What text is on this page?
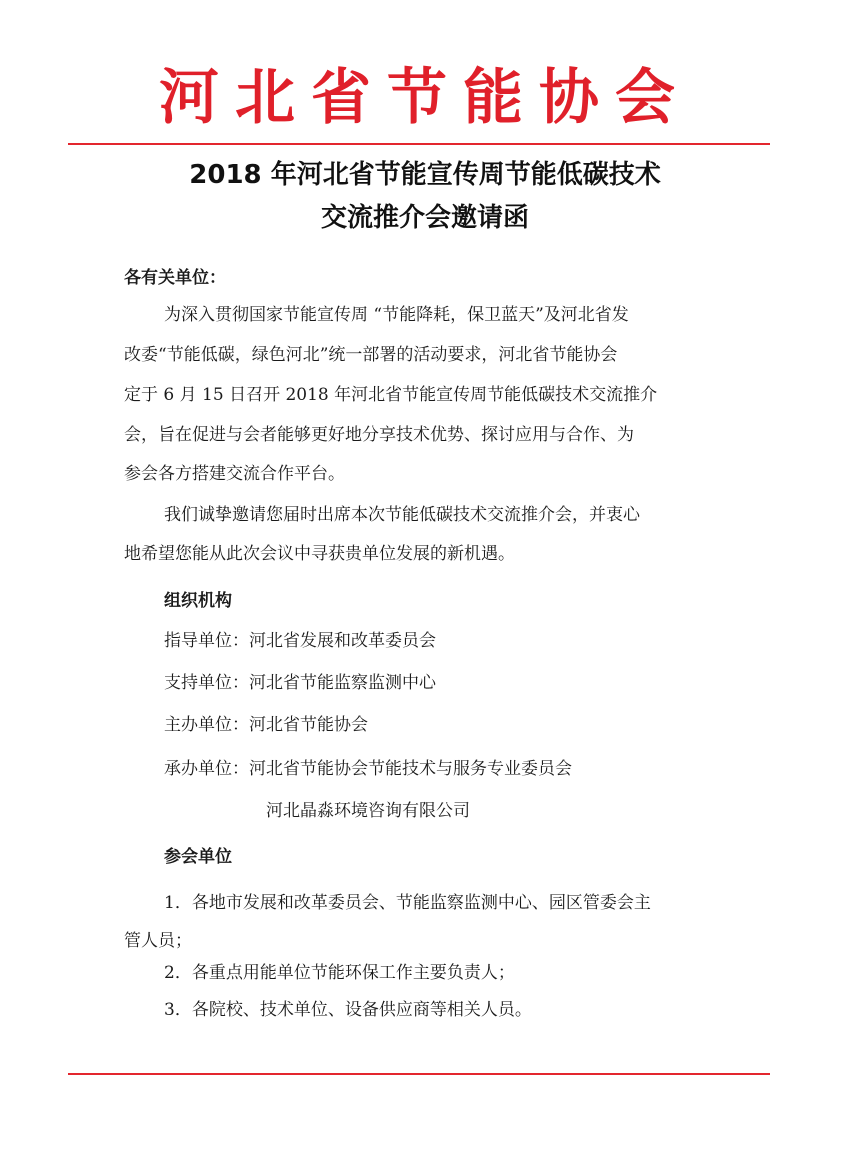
河北省节能协会
2018 年河北省节能宣传周节能低碳技术
交流推介会邀请函
各有关单位：
为深入贯彻国家节能宣传周 “节能降耗，保卫蓝天”及河北省发
改委“节能低碳，绿色河北”统一部署的活动要求，河北省节能协会
定于 6 月 15 日召开 2018 年河北省节能宣传周节能低碳技术交流推介
会，旨在促进与会者能够更好地分享技术优势、探讨应用与合作、为
参会各方搭建交流合作平台。
我们诚挚邀请您届时出席本次节能低碳技术交流推介会，并衷心
地希望您能从此次会议中寻获贵单位发展的新机遇。
组织机构
指导单位：河北省发展和改革委员会
支持单位：河北省节能监察监测中心
主办单位：河北省节能协会
承办单位：河北省节能协会节能技术与服务专业委员会
河北晶淼环境咨询有限公司
参会单位
1．各地市发展和改革委员会、节能监察监测中心、园区管委会主
管人员；
2．各重点用能单位节能环保工作主要负责人；
3．各院校、技术单位、设备供应商等相关人员。
